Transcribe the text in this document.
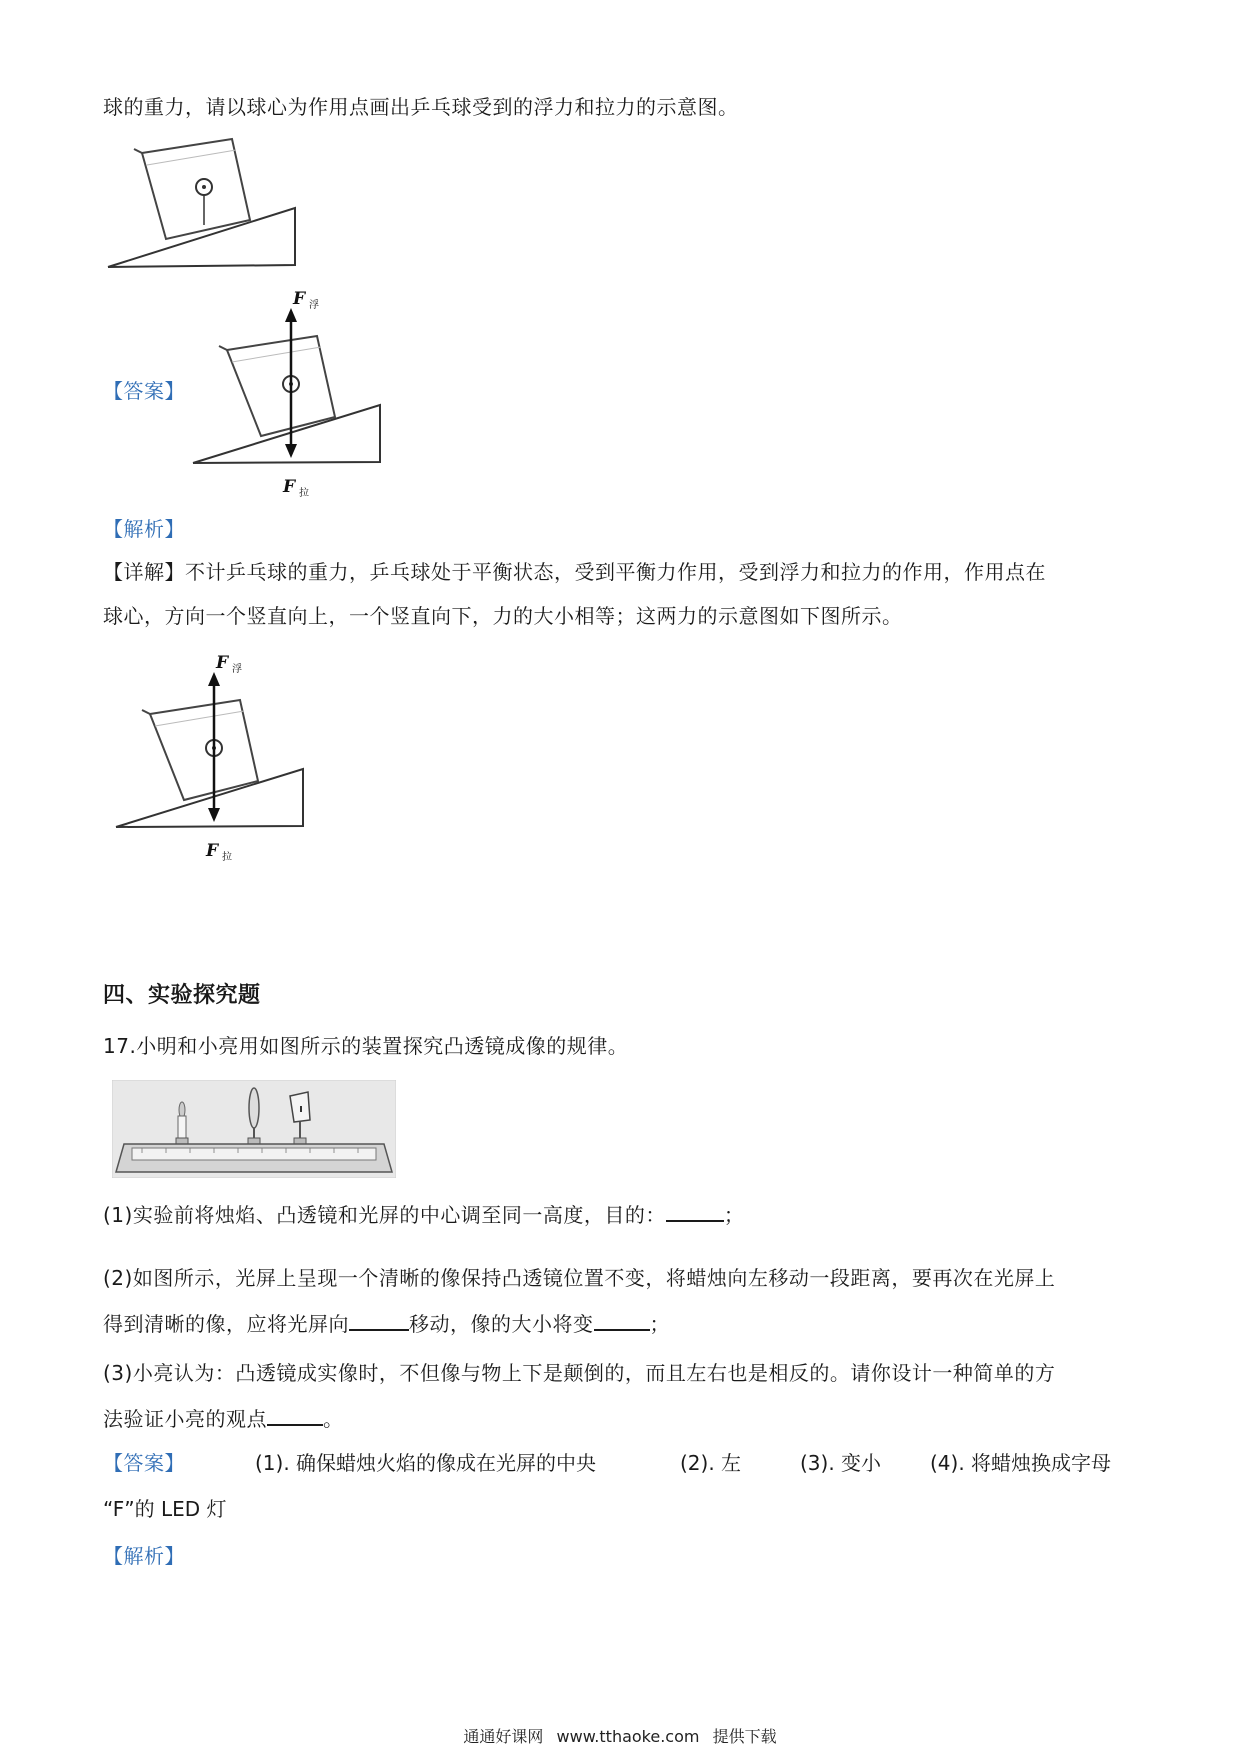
球的重力，请以球心为作用点画出乒乓球受到的浮力和拉力的示意图。
【答案】
F 浮
F 拉
【解析】
【详解】不计乒乓球的重力，乒乓球处于平衡状态，受到平衡力作用，受到浮力和拉力的作用，作用点在
球心，方向一个竖直向上，一个竖直向下，力的大小相等；这两力的示意图如下图所示。
F 浮
F 拉
四、实验探究题
17.小明和小亮用如图所示的装置探究凸透镜成像的规律。
(1)实验前将烛焰、凸透镜和光屏的中心调至同一高度，目的：	；
(2)如图所示，光屏上呈现一个清晰的像保持凸透镜位置不变，将蜡烛向左移动一段距离，要再次在光屏上
得到清晰的像，应将光屏向	移动，像的大小将变	；
(3)小亮认为：凸透镜成实像时，不但像与物上下是颠倒的，而且左右也是相反的。请你设计一种简单的方
法验证小亮的观点	。
【答案】	(1). 确保蜡烛火焰的像成在光屏的中央	(2). 左	(3). 变小 (4). 将蜡烛换成字母
“F”的 LED 灯
【解析】
通通好课网 www.tthaoke.com 提供下载
